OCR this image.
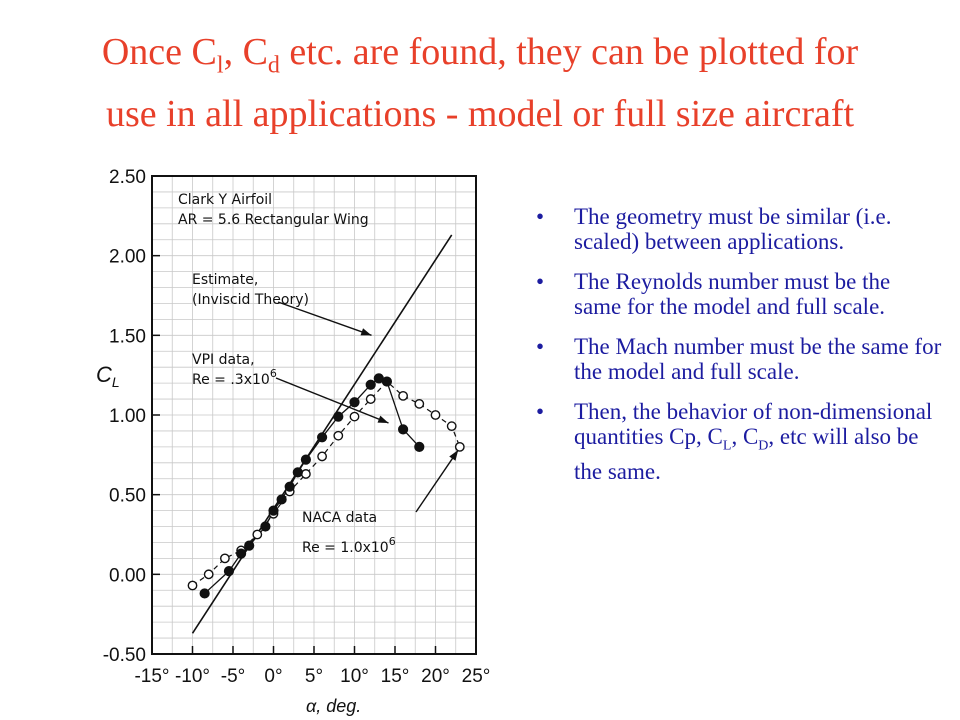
Once $C_l$, $C_d$ etc. are found, they can be plotted for
use in all applications - model or full size aircraft
2.50
2.00
1.50
1.00
0.50
0.00
-0.50
-15° -10° -5° 0° 5° 10° 15° 20° 25°
$C_L$
α, deg.
Clark Y Airfoil
AR = 5.6 Rectangular Wing
Estimate,
(Inviscid Theory)
VPI data,
$Re = .3x10^6$
NACA data
$Re = 1.0x10^6$
• The geometry must be similar (i.e. scaled) between applications.
• The Reynolds number must be the same for the model and full scale.
• The Mach number must be the same for the model and full scale.
• Then, the behavior of non-dimensional quantities Cp, $C_L$, $C_D$, etc will also be the same.
